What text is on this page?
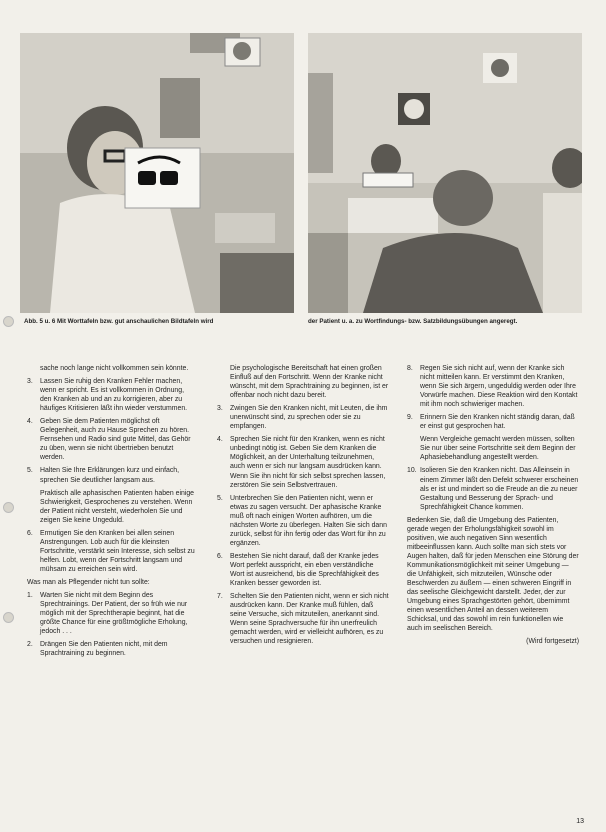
Abb. 5 u. 6 Mit Worttafeln bzw. gut anschaulichen Bildtafeln wird	der Patient u. a. zu Wortfindungs- bzw. Satzbildungsübungen angeregt.
sache noch lange nicht vollkommen sein könnte.
3.	Lassen Sie ruhig den Kranken Fehler machen, wenn er spricht. Es ist vollkommen in Ordnung, den Kranken ab und an zu korrigieren, aber zu häufiges Kritisieren läßt ihn wieder verstummen.
4.	Geben Sie dem Patienten möglichst oft Gelegenheit, auch zu Hause Sprechen zu hören. Fernsehen und Radio sind gute Mittel, das Gehör zu üben, wenn sie nicht übertrieben benutzt werden.
5.	Halten Sie Ihre Erklärungen kurz und einfach, sprechen Sie deutlicher langsam aus.
Praktisch alle aphasischen Patienten haben einige Schwierigkeit, Gesprochenes zu verstehen. Wenn der Patient nicht versteht, wiederholen Sie und zeigen Sie keine Ungeduld.
6.	Ermutigen Sie den Kranken bei allen seinen Anstrengungen. Lob auch für die kleinsten Fortschritte, verstärkt sein Interesse, sich selbst zu helfen. Lobt, wenn der Fortschritt langsam und mühsam zu erreichen sein wird.
Was man als Pflegender nicht tun sollte:
1.	Warten Sie nicht mit dem Beginn des Sprechtrainings. Der Patient, der so früh wie nur möglich mit der Sprechtherapie beginnt, hat die größte Chance für eine größtmögliche Erholung, jedoch . . .
2.	Drängen Sie den Patienten nicht, mit dem Sprachtraining zu beginnen.
Die psychologische Bereitschaft hat einen großen Einfluß auf den Fortschritt. Wenn der Kranke nicht wünscht, mit dem Sprachtraining zu beginnen, ist er offenbar noch nicht dazu bereit.
3.	Zwingen Sie den Kranken nicht, mit Leuten, die ihm unerwünscht sind, zu sprechen oder sie zu empfangen.
4.	Sprechen Sie nicht für den Kranken, wenn es nicht unbedingt nötig ist. Geben Sie dem Kranken die Möglichkeit, an der Unterhaltung teilzunehmen, auch wenn er sich nur langsam ausdrücken kann. Wenn Sie ihn nicht für sich selbst sprechen lassen, zerstören Sie sein Selbstvertrauen.
5.	Unterbrechen Sie den Patienten nicht, wenn er etwas zu sagen versucht. Der aphasische Kranke muß oft nach einigen Worten aufhören, um die nächsten Worte zu überlegen. Halten Sie sich dann zurück, selbst für ihn fertig oder das Wort für ihn zu ergänzen.
6.	Bestehen Sie nicht darauf, daß der Kranke jedes Wort perfekt ausspricht, ein eben verständliche Wort ist ausreichend, bis die Sprechfähigkeit des Kranken besser geworden ist.
7.	Schelten Sie den Patienten nicht, wenn er sich nicht ausdrücken kann. Der Kranke muß fühlen, daß seine Versuche, sich mitzuteilen, anerkannt sind. Wenn seine Sprachversuche für ihn unerfreulich gemacht werden, wird er vielleicht aufhören, es zu versuchen und resignieren.
8.	Regen Sie sich nicht auf, wenn der Kranke sich nicht mitteilen kann. Er verstimmt den Kranken, wenn Sie sich ärgern, ungeduldig werden oder Ihre Vorwürfe machen. Diese Reaktion wird den Kontakt mit ihm noch schwieriger machen.
9.	Erinnern Sie den Kranken nicht ständig daran, daß er einst gut gesprochen hat.
Wenn Vergleiche gemacht werden müssen, sollten Sie nur über seine Fortschritte seit dem Beginn der Aphasiebehandlung angestellt werden.
10. Isolieren Sie den Kranken nicht. Das Alleinsein in einem Zimmer läßt den Defekt schwerer erscheinen als er ist und mindert so die Freude an die zu neuer Gestaltung und Besserung der Sprach- und Sprechfähigkeit Chance kommen.
Bedenken Sie, daß die Umgebung des Patienten, gerade wegen der Erholungsfähigkeit sowohl im positiven, wie auch negativen Sinn wesentlich mitbeeinflussen kann. Auch sollte man sich stets vor Augen halten, daß für jeden Menschen eine Störung der Kommunikationsmöglichkeit mit seiner Umgebung — die Unfähigkeit, sich mitzuteilen, Wünsche oder Beschwerden zu äußern — einen schweren Eingriff in das seelische Gleichgewicht darstellt. Jeder, der zur Umgebung eines Sprachgestörten gehört, übernimmt einen wesentlichen Anteil an dessen weiterem Schicksal, und das sowohl im rein funktionellen wie auch im seelischen Bereich.
(Wird fortgesetzt)
13
